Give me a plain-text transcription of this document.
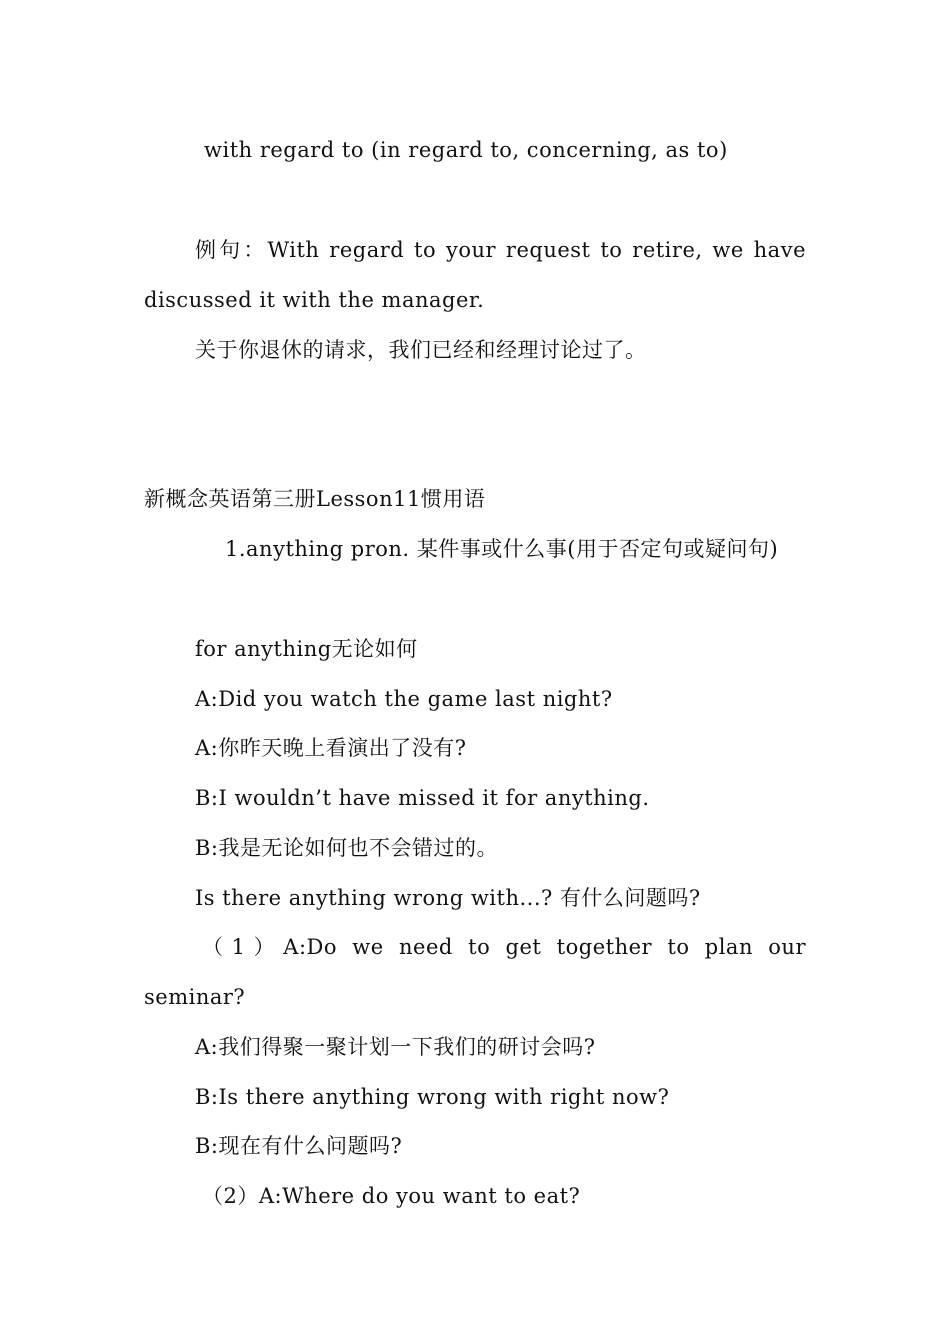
with regard to (in regard to, concerning, as to)

例句：With regard to your request to retire, we have discussed it with the manager.

关于你退休的请求，我们已经和经理讨论过了。

新概念英语第三册Lesson11惯用语

1.anything pron. 某件事或什么事(用于否定句或疑问句)

for anything无论如何

A:Did you watch the game last night?

A:你昨天晚上看演出了没有?

B:I wouldn’t have missed it for anything.

B:我是无论如何也不会错过的。

Is there anything wrong with...? 有什么问题吗?

（1）A:Do we need to get together to plan our seminar?

A:我们得聚一聚计划一下我们的研讨会吗?

B:Is there anything wrong with right now?

B:现在有什么问题吗?

（2）A:Where do you want to eat?
